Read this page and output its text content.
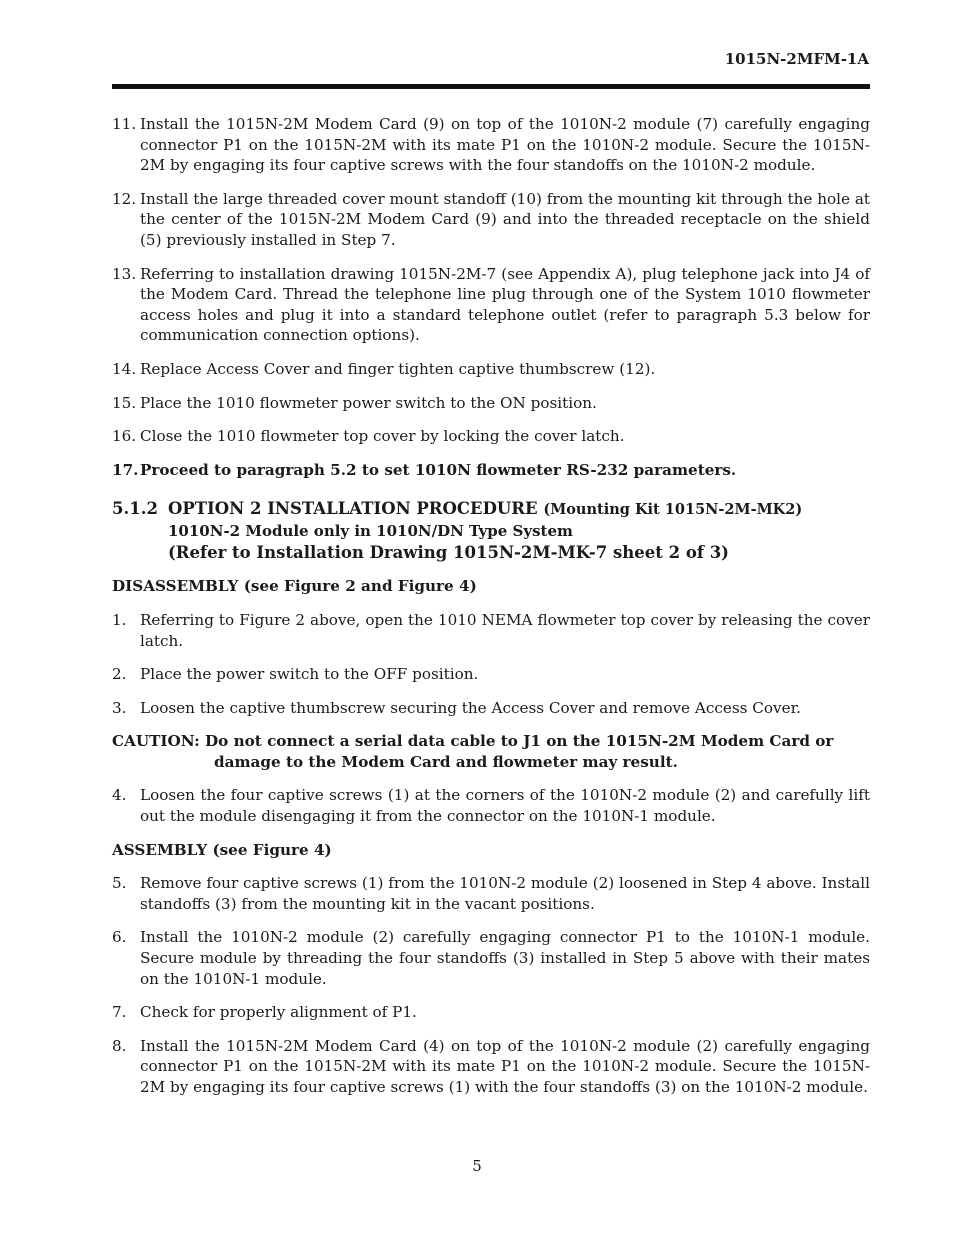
1015N-2MFM-1A
11. Install the 1015N-2M Modem Card (9) on top of the 1010N-2 module (7) carefully engaging connector P1 on the 1015N-2M with its mate P1 on the 1010N-2 module. Secure the 1015N-2M by engaging its four captive screws with the four standoffs on the 1010N-2 module.
12. Install the large threaded cover mount standoff (10) from the mounting kit through the hole at the center of the 1015N-2M Modem Card (9) and into the threaded receptacle on the shield (5) previously installed in Step 7.
13. Referring to installation drawing 1015N-2M-7 (see Appendix A), plug telephone jack into J4 of the Modem Card. Thread the telephone line plug through one of the System 1010 flowmeter access holes and plug it into a standard telephone outlet (refer to paragraph 5.3 below for communication connection options).
14. Replace Access Cover and finger tighten captive thumbscrew (12).
15. Place the 1010 flowmeter power switch to the ON position.
16. Close the 1010 flowmeter top cover by locking the cover latch.
17. Proceed to paragraph 5.2 to set 1010N flowmeter RS-232 parameters.
5.1.2 OPTION 2 INSTALLATION PROCEDURE (Mounting Kit 1015N-2M-MK2)
1010N-2 Module only in 1010N/DN Type System
(Refer to Installation Drawing 1015N-2M-MK-7 sheet 2 of 3)
DISASSEMBLY (see Figure 2 and Figure 4)
1. Referring to Figure 2 above, open the 1010 NEMA flowmeter top cover by releasing the cover latch.
2. Place the power switch to the OFF position.
3. Loosen the captive thumbscrew securing the Access Cover and remove Access Cover.
CAUTION:
Do not connect a serial data cable to J1 on the 1015N-2M Modem Card or
damage to the Modem Card and flowmeter may result.
4. Loosen the four captive screws (1) at the corners of the 1010N-2 module (2) and carefully lift out the module disengaging it from the connector on the 1010N-1 module.
ASSEMBLY (see Figure 4)
5. Remove four captive screws (1) from the 1010N-2 module (2) loosened in Step 4 above. Install standoffs (3) from the mounting kit in the vacant positions.
6. Install the 1010N-2 module (2) carefully engaging connector P1 to the 1010N-1 module. Secure module by threading the four standoffs (3) installed in Step 5 above with their mates on the 1010N-1 module.
7. Check for properly alignment of P1.
8. Install the 1015N-2M Modem Card (4) on top of the 1010N-2 module (2) carefully engaging connector P1 on the 1015N-2M with its mate P1 on the 1010N-2 module. Secure the 1015N-2M by engaging its four captive screws (1) with the four standoffs (3) on the 1010N-2 module.
5
